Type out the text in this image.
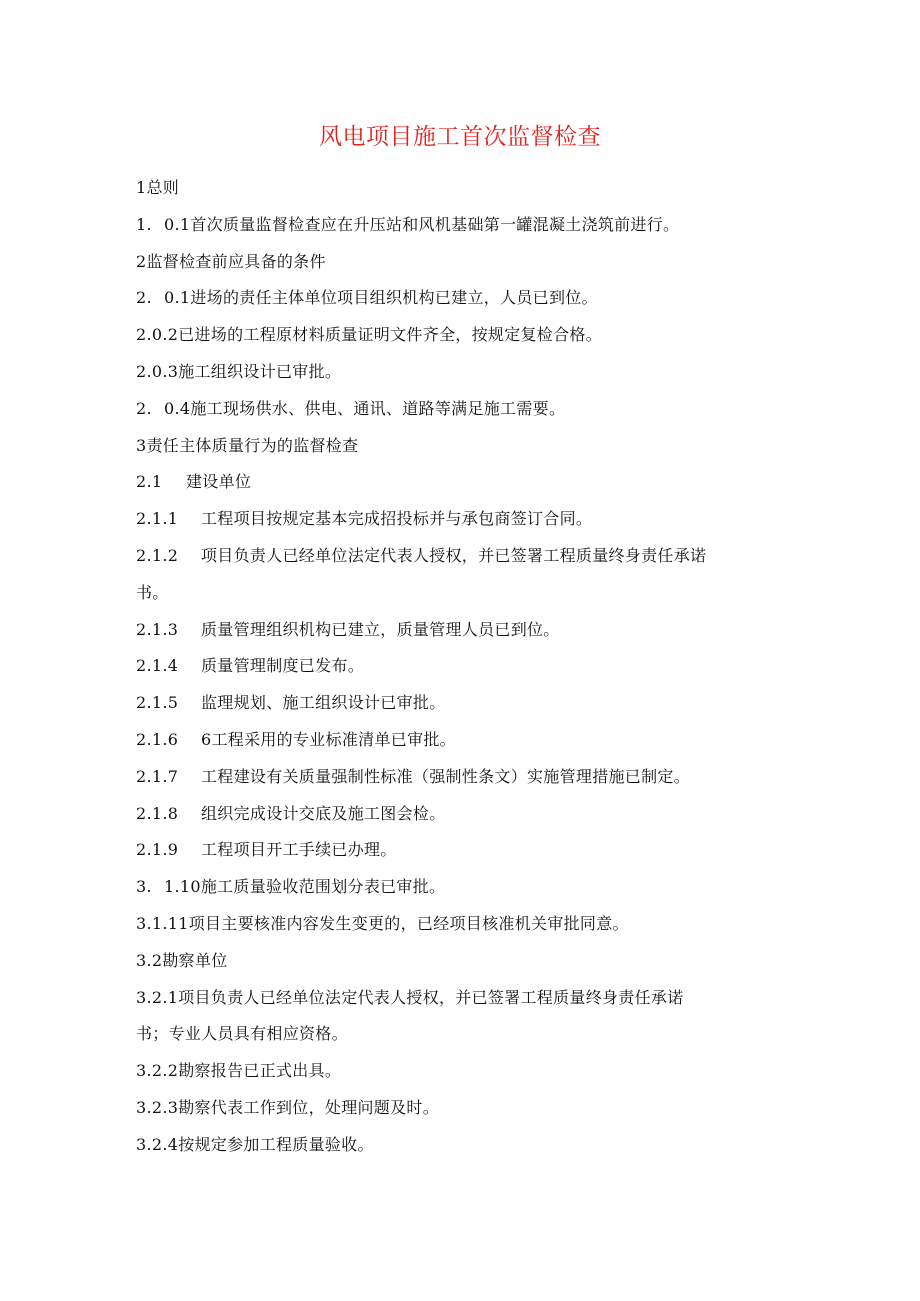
风电项目施工首次监督检查
1总则
1. 0.1首次质量监督检查应在升压站和风机基础第一罐混凝土浇筑前进行。
2监督检查前应具备的条件
2. 0.1进场的责任主体单位项目组织机构已建立，人员已到位。
2.0.2已进场的工程原材料质量证明文件齐全，按规定复检合格。
2.0.3施工组织设计已审批。
2. 0.4施工现场供水、供电、通讯、道路等满足施工需要。
3责任主体质量行为的监督检查
2.1 建设单位
2.1.1 工程项目按规定基本完成招投标并与承包商签订合同。
2.1.2 项目负责人已经单位法定代表人授权，并已签署工程质量终身责任承诺
书。
2.1.3 质量管理组织机构已建立，质量管理人员已到位。
2.1.4 质量管理制度已发布。
2.1.5 监理规划、施工组织设计已审批。
2.1.6 6工程采用的专业标准清单已审批。
2.1.7 工程建设有关质量强制性标准（强制性条文）实施管理措施已制定。
2.1.8 组织完成设计交底及施工图会检。
2.1.9 工程项目开工手续已办理。
3. 1.10施工质量验收范围划分表已审批。
3.1.11项目主要核准内容发生变更的，已经项目核准机关审批同意。
3.2勘察单位
3.2.1项目负责人已经单位法定代表人授权，并已签署工程质量终身责任承诺
书；专业人员具有相应资格。
3.2.2勘察报告已正式出具。
3.2.3勘察代表工作到位，处理问题及时。
3.2.4按规定参加工程质量验收。
